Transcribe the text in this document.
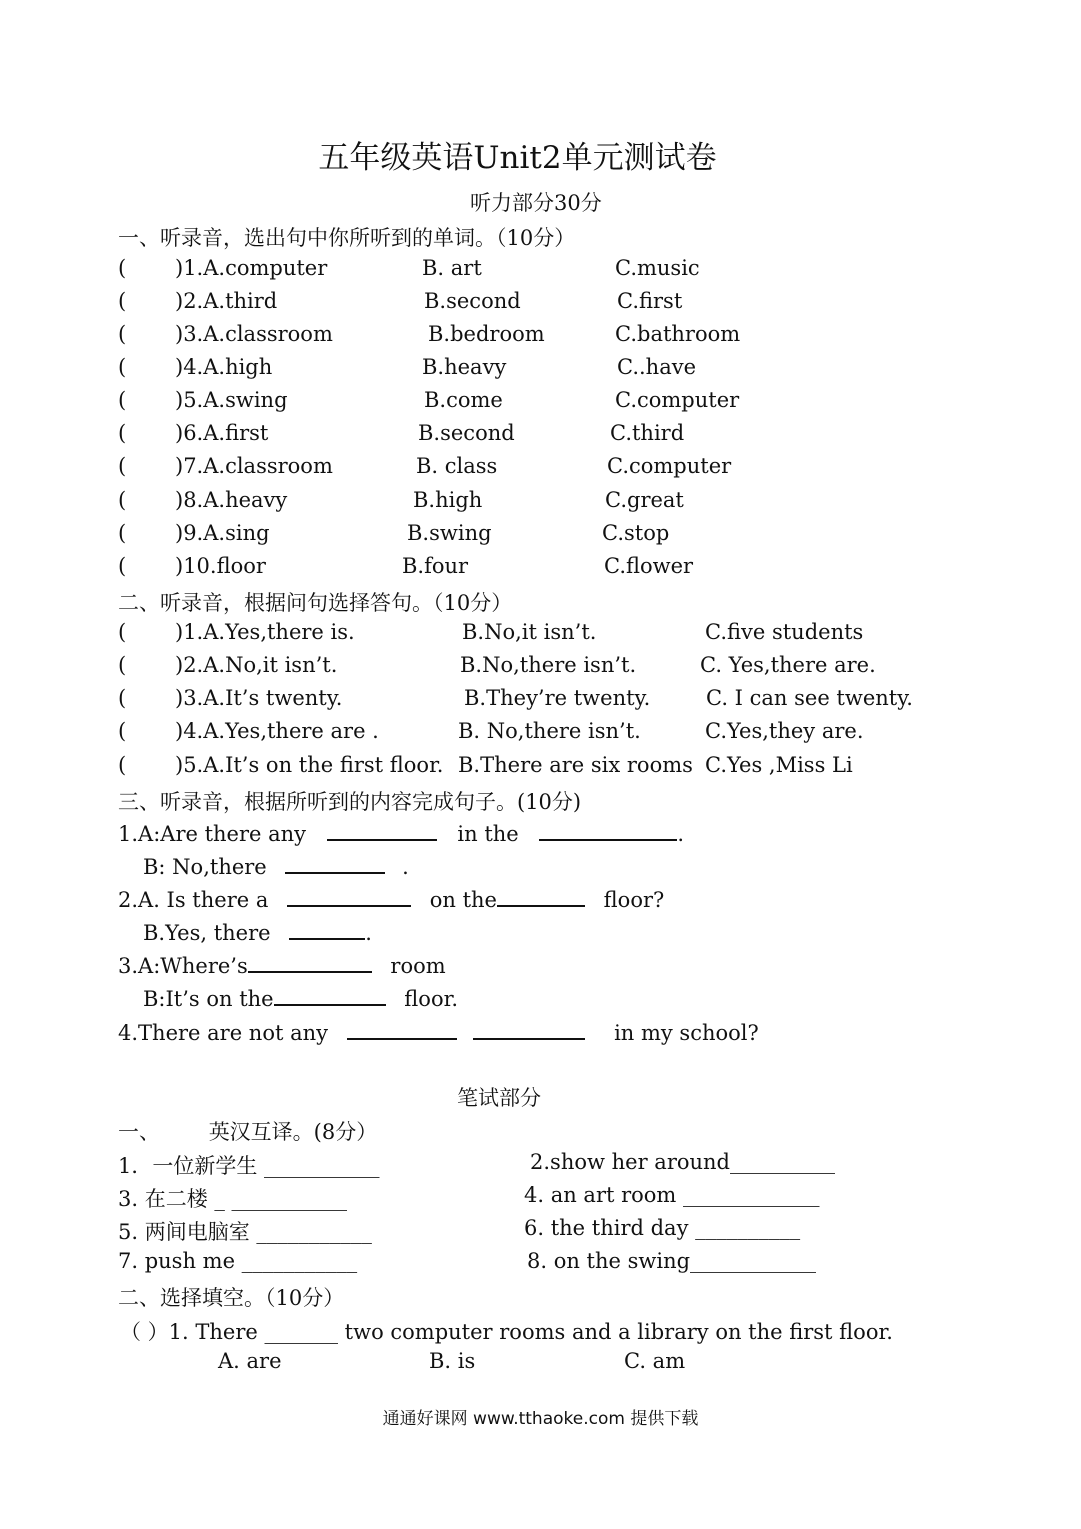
五年级英语Unit2单元测试卷
听力部分30分
一、听录音，选出句中你所听到的单词。（10分）
( )1.A.computer	B. art	C.music
( )2.A.third	B.second	C.first
( )3.A.classroom	B.bedroom	C.bathroom
( )4.A.high	B.heavy	C..have
( )5.A.swing	B.come	C.computer
( )6.A.first	B.second	C.third
( )7.A.classroom	B. class	C.computer
( )8.A.heavy	B.high	C.great
( )9.A.sing	B.swing	C.stop
( )10.floor	B.four	C.flower
二、听录音，根据问句选择答句。（10分）
( )1.A.Yes,there is.	B.No,it isn’t.	C.five students
( )2.A.No,it isn’t.	B.No,there isn’t.	C. Yes,there are.
( )3.A.It’s twenty.	B.They’re twenty.	C. I can see twenty.
( )4.A.Yes,there are .	B. No,there isn’t.	C.Yes,they are.
( )5.A.It’s on the first floor. B.There are six rooms C.Yes ,Miss Li
三、听录音，根据所听到的内容完成句子。(10分)
1.A:Are there any	in the	.
B: No,there	.
2.A. Is there a	on the	floor?
B.Yes, there	.
3.A:Where’s	room
B:It’s on the	floor.
4.There are not any	in my school?
笔试部分
一、 英汉互译。(8分）
1．一位新学生 ___________	2.show her around__________
3. 在二楼 _ ___________	4. an art room _____________
5. 两间电脑室 ___________	6. the third day __________
7. push me ___________	8. on the swing____________
二、选择填空。（10分）
（ ）1. There _______ two computer rooms and a library on the first floor.
A. are	B. is	C. am
通通好课网 www.tthaoke.com 提供下载
